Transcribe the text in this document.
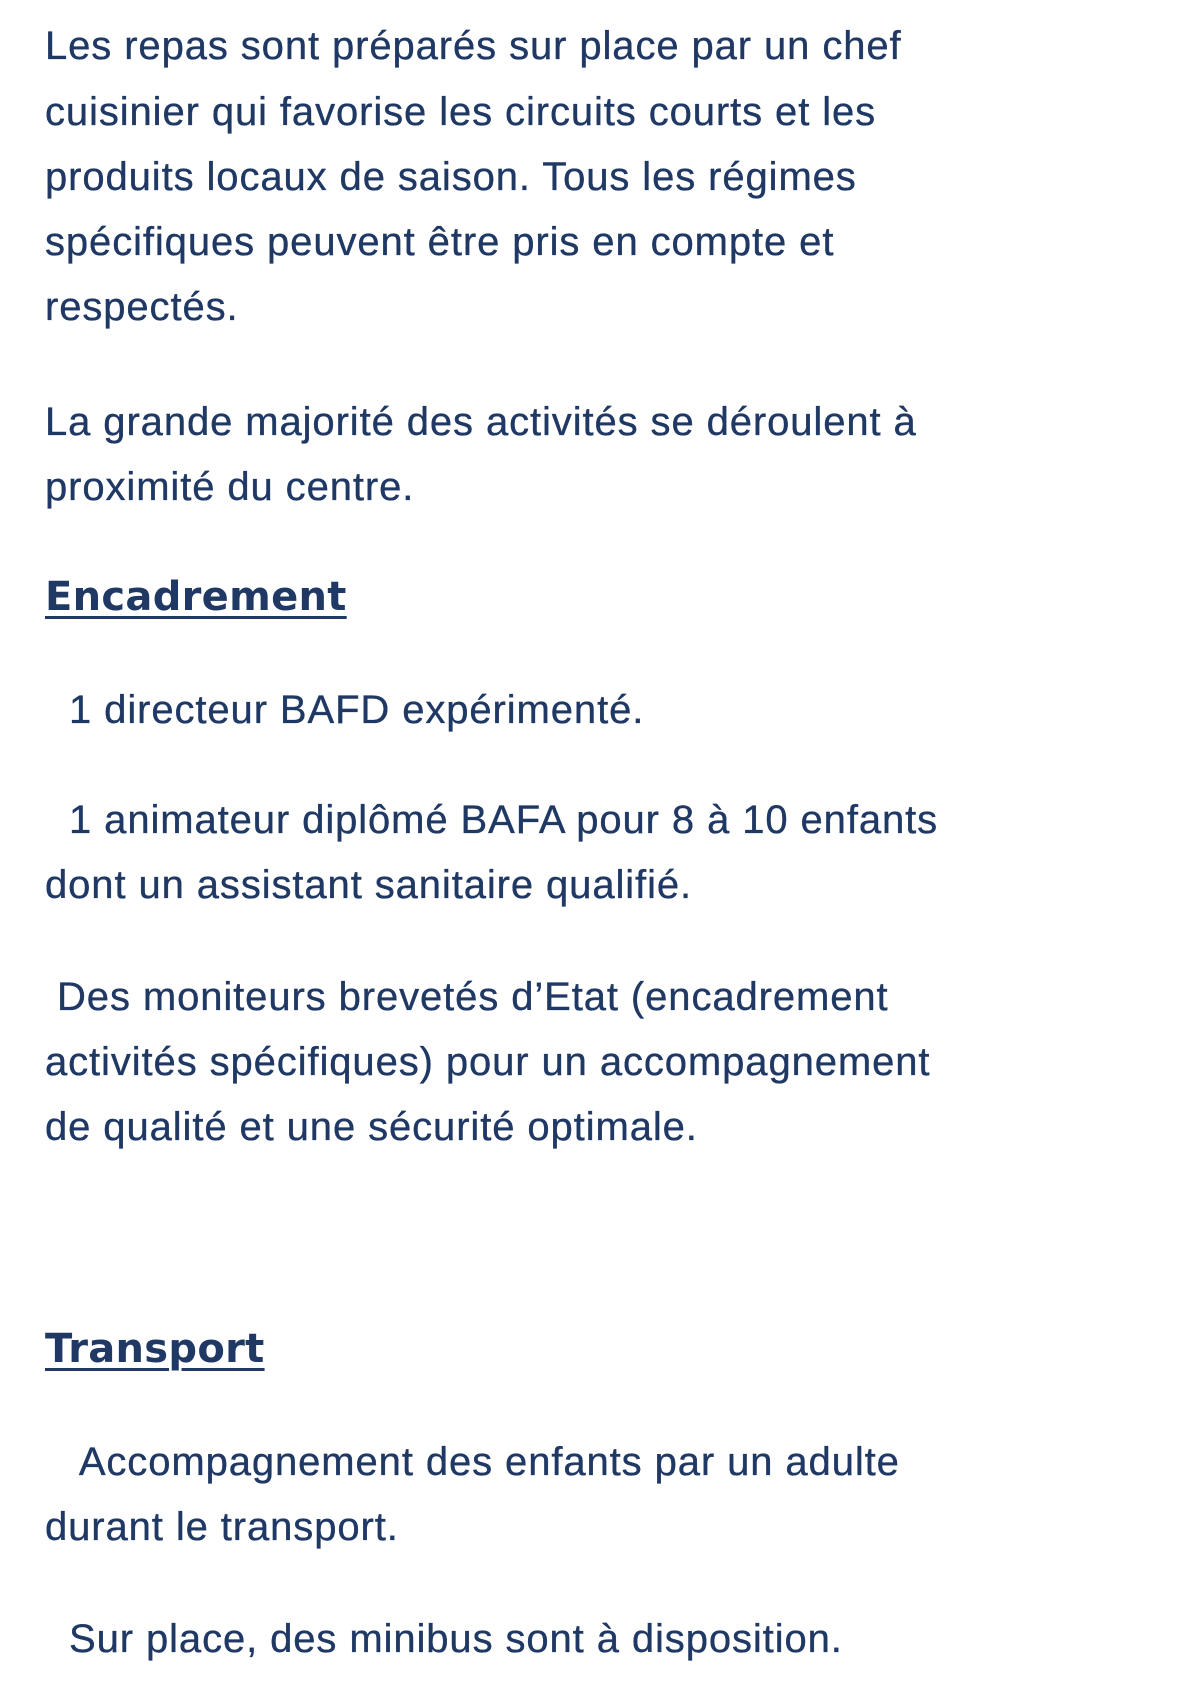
Les repas sont préparés sur place par un chef
cuisinier qui favorise les circuits courts et les
produits locaux de saison. Tous les régimes
spécifiques peuvent être pris en compte et
respectés.
La grande majorité des activités se déroulent à
proximité du centre.
Encadrement
1 directeur BAFD expérimenté.
1 animateur diplômé BAFA pour 8 à 10 enfants
dont un assistant sanitaire qualifié.
Des moniteurs brevetés d’Etat (encadrement
activités spécifiques) pour un accompagnement
de qualité et une sécurité optimale.
Transport
Accompagnement des enfants par un adulte
durant le transport.
Sur place, des minibus sont à disposition.
